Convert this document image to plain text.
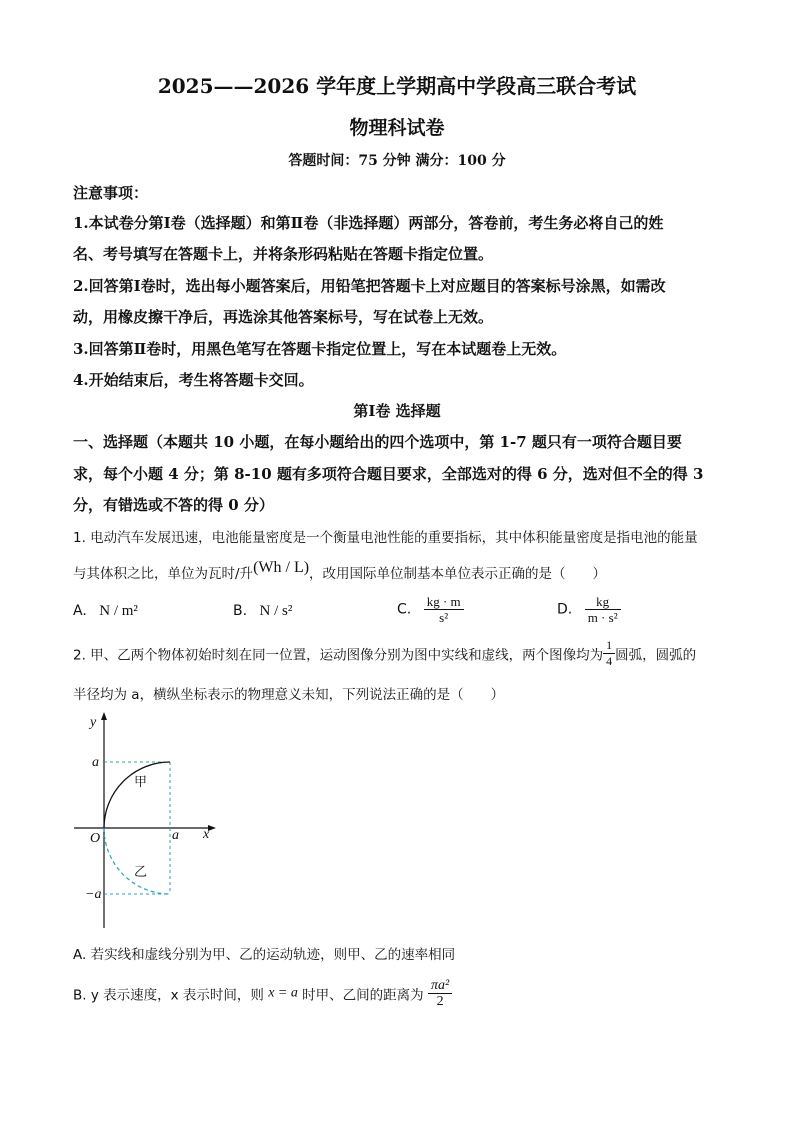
2025——2026 学年度上学期高中学段高三联合考试
物理科试卷
答题时间：75 分钟 满分：100 分
注意事项：
1.本试卷分第Ⅰ卷（选择题）和第Ⅱ卷（非选择题）两部分，答卷前，考生务必将自己的姓
名、考号填写在答题卡上，并将条形码粘贴在答题卡指定位置。
2.回答第Ⅰ卷时，选出每小题答案后，用铅笔把答题卡上对应题目的答案标号涂黑，如需改
动，用橡皮擦干净后，再选涂其他答案标号，写在试卷上无效。
3.回答第Ⅱ卷时，用黑色笔写在答题卡指定位置上，写在本试题卷上无效。
4.开始结束后，考生将答题卡交回。
第Ⅰ卷 选择题
一、选择题（本题共 10 小题，在每小题给出的四个选项中，第 1-7 题只有一项符合题目要
求，每个小题 4 分；第 8-10 题有多项符合题目要求，全部选对的得 6 分，选对但不全的得 3
分，有错选或不答的得 0 分）
1. 电动汽车发展迅速，电池能量密度是一个衡量电池性能的重要指标，其中体积能量密度是指电池的能量
与其体积之比，单位为瓦时/升(Wh / L)，改用国际单位制基本单位表示正确的是（　　）
A. N / m²	B. N / s²	C. $\frac{kg \cdot m}{\text{s²}}$	D. $\frac{kg}{\text{m · s²}}$
2. 甲、乙两个物体初始时刻在同一位置，运动图像分别为图中实线和虚线，两个图像均为 $\frac{1}{4}$ 圆弧，圆弧的
半径均为 a，横纵坐标表示的物理意义未知，下列说法正确的是（　　）
y
x
O
a
a
−a
甲
乙
A. 若实线和虚线分别为甲、乙的运动轨迹，则甲、乙的速率相同
B. y 表示速度，x 表示时间，则 x = a 时甲、乙间的距离为 $\frac{\text{πa²}}{2}$
